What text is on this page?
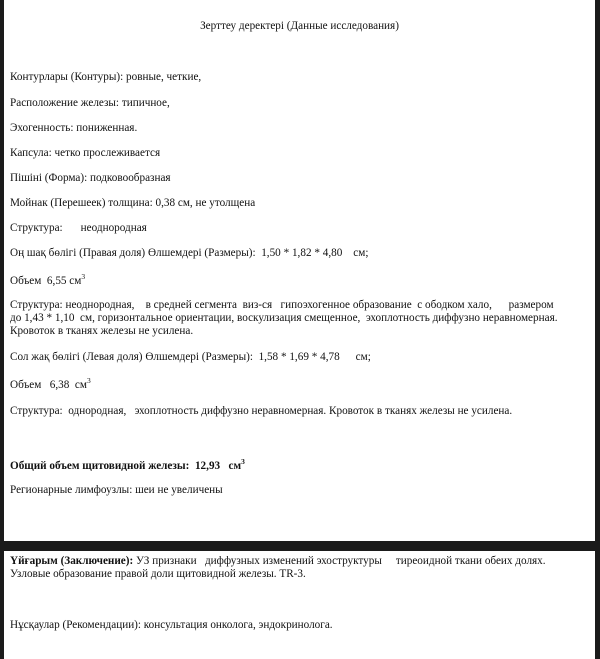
Зерттеу деректері (Данные исследования)
Контурлары (Контуры): ровные, четкие,
Расположение железы: типичное,
Эхогенность: пониженная.
Капсула: четко прослеживается
Пішіні (Форма): подковообразная
Мойнак (Перешеек) толщина: 0,38 см, не утолщена
Структура: неоднородная
Оң шақ бөлігі (Правая доля) Өлшемдері (Размеры): 1,50 * 1,82 * 4,80 см;
Объем 6,55 $см^3$
Структура: неоднородная,    в средней сегмента  виз-ся   гипоэхогенное образование  с ободком хало,      размером
до 1,43 * 1,10  см, горизонтальное ориентации, воскулизация смещенное,  эхоплотность диффузно неравномерная.
Кровоток в тканях железы не усилена.
Сол жақ бөлігі (Левая доля) Өлшемдері (Размеры): 1,58 * 1,69 * 4,78 см;
Объем 6,38  $см^3$
Структура:  однородная,   эхоплотность диффузно неравномерная. Кровоток в тканях железы не усилена.
Общий объем щитовидной железы: 12,93   $см^3$
Регионарные лимфоузлы: шеи не увеличены
Үйғарым (Заключение): УЗ признаки   диффузных изменений эхоструктуры     тиреоидной ткани обеих долях.
Узловые образование правой доли щитовидной железы. TR-3.
Нұсқаулар (Рекомендации): консультация онколога, эндокринолога.
